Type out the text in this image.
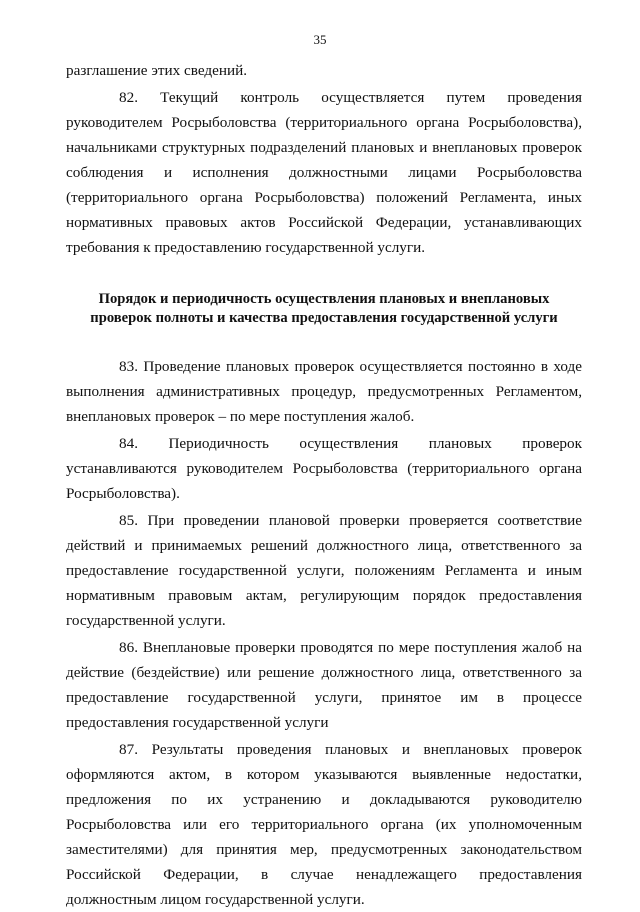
35

разглашение этих сведений.

82. Текущий контроль осуществляется путем проведения руководителем Росрыболовства (территориального органа Росрыболовства), начальниками структурных подразделений плановых и внеплановых проверок соблюдения и исполнения должностными лицами Росрыболовства (территориального органа Росрыболовства) положений Регламента, иных нормативных правовых актов Российской Федерации, устанавливающих требования к предоставлению государственной услуги.

Порядок и периодичность осуществления плановых и внеплановых проверок полноты и качества предоставления государственной услуги

83. Проведение плановых проверок осуществляется постоянно в ходе выполнения административных процедур, предусмотренных Регламентом, внеплановых проверок – по мере поступления жалоб.

84. Периодичность осуществления плановых проверок устанавливаются руководителем Росрыболовства (территориального органа Росрыболовства).

85. При проведении плановой проверки проверяется соответствие действий и принимаемых решений должностного лица, ответственного за предоставление государственной услуги, положениям Регламента и иным нормативным правовым актам, регулирующим порядок предоставления государственной услуги.

86. Внеплановые проверки проводятся по мере поступления жалоб на действие (бездействие) или решение должностного лица, ответственного за предоставление государственной услуги, принятое им в процессе предоставления государственной услуги

87. Результаты проведения плановых и внеплановых проверок оформляются актом, в котором указываются выявленные недостатки, предложения по их устранению и докладываются руководителю Росрыболовства или его территориального органа (их уполномоченным заместителями) для принятия мер, предусмотренных законодательством Российской Федерации, в случае ненадлежащего предоставления должностным лицом государственной услуги.
